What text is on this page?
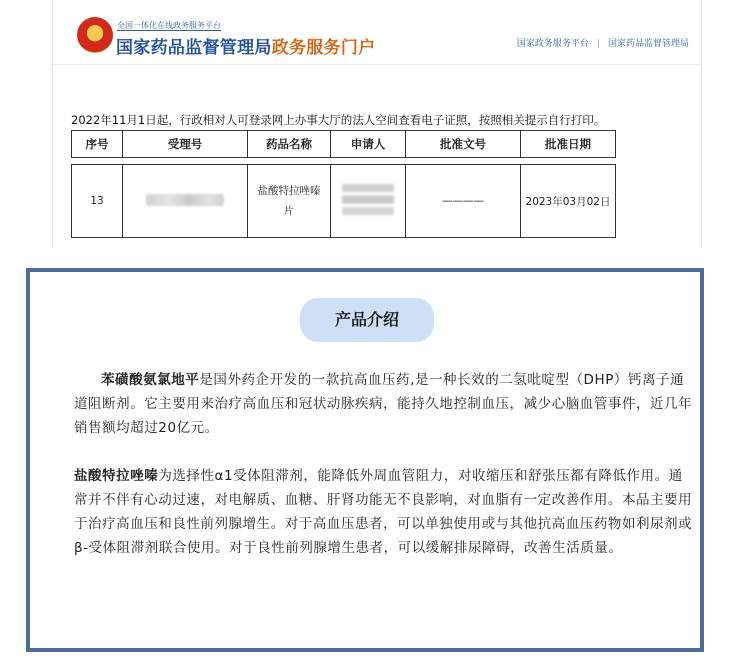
★ 全国一体化在线政务服务平台
国家药品监督管理局政务服务门户	国家政务服务平台 | 国家药品监督管理局
2022年11月1日起，行政相对人可登录网上办事大厅的法人空间查看电子证照，按照相关提示自行打印。
序号	受理号	药品名称	申请人	批准文号	批准日期

13		盐酸特拉唑嗪片		————	2023年03月02日
产品介绍

苯磺酸氨氯地平是国外药企开发的一款抗高血压药,是一种长效的二氢吡啶型（DHP）钙离子通道阻断剂。它主要用来治疗高血压和冠状动脉疾病，能持久地控制血压，减少心脑血管事件，近几年销售额均超过20亿元。

盐酸特拉唑嗪为选择性α1受体阻滞剂，能降低外周血管阻力，对收缩压和舒张压都有降低作用。通常并不伴有心动过速，对电解质、血糖、肝肾功能无不良影响，对血脂有一定改善作用。本品主要用于治疗高血压和良性前列腺增生。对于高血压患者，可以单独使用或与其他抗高血压药物如利尿剂或β-受体阻滞剂联合使用。对于良性前列腺增生患者，可以缓解排尿障碍，改善生活质量。
